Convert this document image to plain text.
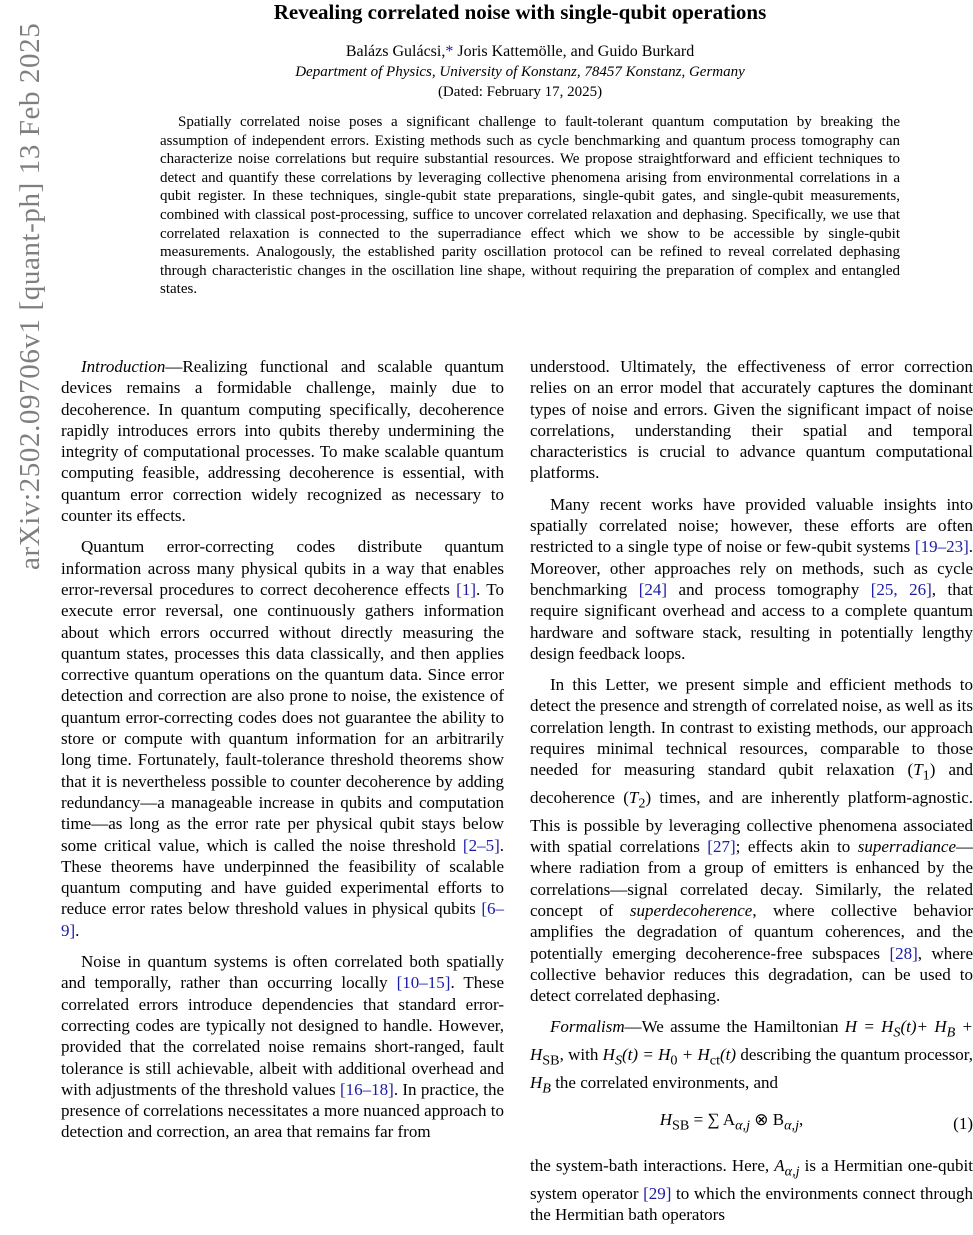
arXiv:2502.09706v1 [quant-ph] 13 Feb 2025
Revealing correlated noise with single-qubit operations
Balázs Gulácsi,* Joris Kattemölle, and Guido Burkard
Department of Physics, University of Konstanz, 78457 Konstanz, Germany
(Dated: February 17, 2025)

Spatially correlated noise poses a significant challenge to fault-tolerant quantum computation by breaking the assumption of independent errors. Existing methods such as cycle benchmarking and quantum process tomography can characterize noise correlations but require substantial resources. We propose straightforward and efficient techniques to detect and quantify these correlations by leveraging collective phenomena arising from environmental correlations in a qubit register. In these techniques, single-qubit state preparations, single-qubit gates, and single-qubit measurements, combined with classical post-processing, suffice to uncover correlated relaxation and dephasing. Specifically, we use that correlated relaxation is connected to the superradiance effect which we show to be accessible by single-qubit measurements. Analogously, the established parity oscillation protocol can be refined to reveal correlated dephasing through characteristic changes in the oscillation line shape, without requiring the preparation of complex and entangled states.

Introduction—Realizing functional and scalable quantum devices remains a formidable challenge, mainly due to decoherence. In quantum computing specifically, decoherence rapidly introduces errors into qubits thereby undermining the integrity of computational processes. To make scalable quantum computing feasible, addressing decoherence is essential, with quantum error correction widely recognized as necessary to counter its effects.

Quantum error-correcting codes distribute quantum information across many physical qubits in a way that enables error-reversal procedures to correct decoherence effects [1]. To execute error reversal, one continuously gathers information about which errors occurred without directly measuring the quantum states, processes this data classically, and then applies corrective quantum operations on the quantum data. Since error detection and correction are also prone to noise, the existence of quantum error-correcting codes does not guarantee the ability to store or compute with quantum information for an arbitrarily long time. Fortunately, fault-tolerance threshold theorems show that it is nevertheless possible to counter decoherence by adding redundancy—a manageable increase in qubits and computation time—as long as the error rate per physical qubit stays below some critical value, which is called the noise threshold [2–5]. These theorems have underpinned the feasibility of scalable quantum computing and have guided experimental efforts to reduce error rates below threshold values in physical qubits [6–9].

Noise in quantum systems is often correlated both spatially and temporally, rather than occurring locally [10–15]. These correlated errors introduce dependencies that standard error-correcting codes are typically not designed to handle. However, provided that the correlated noise remains short-ranged, fault tolerance is still achievable, albeit with additional overhead and with adjustments of the threshold values [16–18]. In practice, the presence of correlations necessitates a more nuanced approach to detection and correction, an area that remains far from

understood. Ultimately, the effectiveness of error correction relies on an error model that accurately captures the dominant types of noise and errors. Given the significant impact of noise correlations, understanding their spatial and temporal characteristics is crucial to advance quantum computational platforms.

Many recent works have provided valuable insights into spatially correlated noise; however, these efforts are often restricted to a single type of noise or few-qubit systems [19–23]. Moreover, other approaches rely on methods, such as cycle benchmarking [24] and process tomography [25, 26], that require significant overhead and access to a complete quantum hardware and software stack, resulting in potentially lengthy design feedback loops.

In this Letter, we present simple and efficient methods to detect the presence and strength of correlated noise, as well as its correlation length. In contrast to existing methods, our approach requires minimal technical resources, comparable to those needed for measuring standard qubit relaxation $(T_1)$ and decoherence $(T_2)$ times, and are inherently platform-agnostic. This is possible by leveraging collective phenomena associated with spatial correlations [27]; effects akin to superradiance—where radiation from a group of emitters is enhanced by the correlations—signal correlated decay. Similarly, the related concept of superdecoherence, where collective behavior amplifies the degradation of quantum coherences, and the potentially emerging decoherence-free subspaces [28], where collective behavior reduces this degradation, can be used to detect correlated dephasing.

Formalism—We assume the Hamiltonian $H = H_S(t)+ H_B + H_{SB}$, with $H_S(t) = H_0 + H_{ct}(t)$ describing the quantum processor, $H_B$ the correlated environments, and

$H_{SB}$ = ∑ $A_{\alpha,j}$ ⊗ $B_{\alpha,j}$,	(1)

the system-bath interactions. Here, $A_{\alpha,j}$ is a Hermitian one-qubit system operator [29] to which the environments connect through the Hermitian bath operators
